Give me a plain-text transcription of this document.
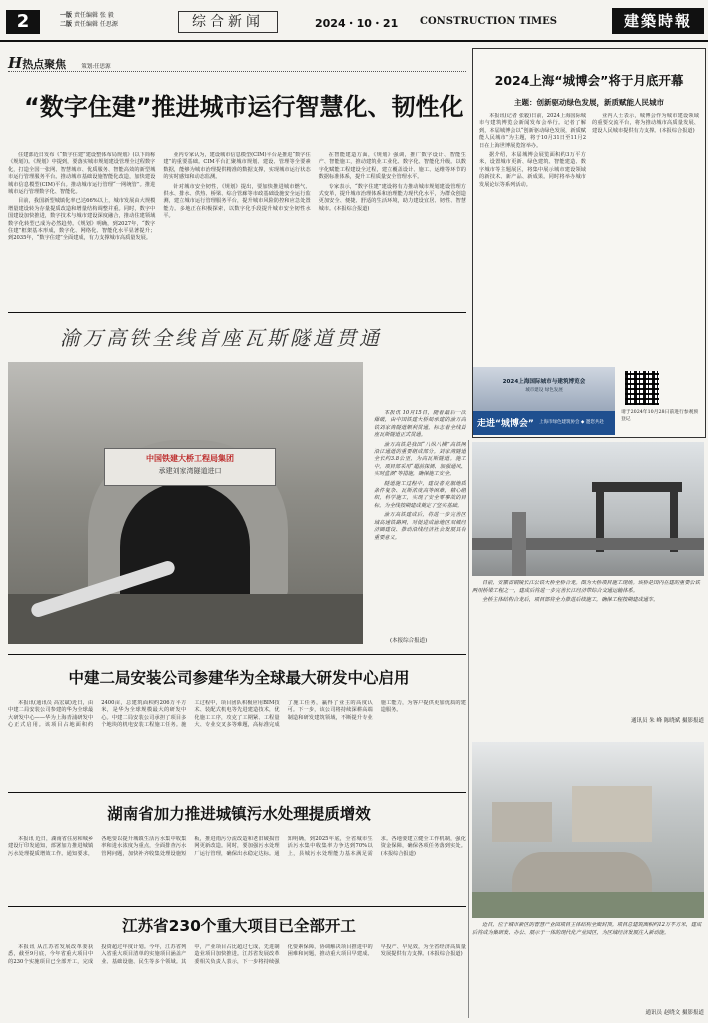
2	一版 责任编辑 张 毅
二版 责任编辑 任思源	综合新闻	2024・10・21 CONSTRUCTION TIMES	建築時報
H热点聚焦	策划:任思源
“数字住建”推进城市运行智慧化、韧性化

住建部近日发布《“数字住建”建设整体布局规划》(以下简称《规划》)。《规划》中提到，要落实城市规划建设管理全过程数字化，打造全国一张网、智慧城市、优质服务、智能高效的新型城市运行管理服务平台。推动城市基础设施智能化改造，加快建设城市信息模型(CIM)平台。推动城市运行管理“一网统管”。推进城市运行管理数字化、智能化。

目前，我国新型城镇化率已达66%以上，城市发展由大规模增量建设转为存量提质改造和增量结构调整并重。同时，数字中国建设加快推进，数字技术与城市建设深度融合，推动住建领域数字化转型已成为必然趋势。《规划》明确，到2027年，“数字住建”框架基本形成，数字化、网络化、智能化水平显著提升；到2035年，“数字住建”全面建成，有力支撑城市高质量发展。

业内专家认为，建设城市信息模型(CIM)平台是推进“数字住建”的重要基础。CIM平台汇聚城市规划、建设、管理等全要素数据，能够为城市治理提供精准的数据支撑，实现城市运行状态的实时感知和动态监测。

针对城市安全韧性，《规划》提出，要加快推进城市燃气、供水、排水、供热、桥梁、综合管廊等市政基础设施安全运行监测，建立城市运行管理服务平台，提升城市风险防控和应急处置能力。多地正在积极探索，以数字化手段提升城市安全韧性水平。

在智能建造方面，《规划》强调，推广数字设计、智能生产、智能施工，推动建筑业工业化、数字化、智能化升级。以数字化赋能工程建设全过程，建立覆盖设计、施工、运维等环节的数据标准体系，提升工程质量安全管理水平。

专家表示，“数字住建”建设将有力推动城市规划建设管理方式变革，提升城市治理体系和治理能力现代化水平，为群众创造更加安全、便捷、舒适的生活环境，助力建设宜居、韧性、智慧城市。(本报综合报道)

2024上海“城博会”将于月底开幕
主题：创新驱动绿色发展，新质赋能人民城市

本报讯(记者 张毅)日前，2024上海国际城市与建筑博览会新闻发布会举行。记者了解到，本届城博会以“创新驱动绿色发展，新质赋能人民城市”为主题，将于10月31日至11月2日在上海世博展览馆举办。

据介绍，本届城博会展览面积约3万平方米，设置城市更新、绿色建筑、智能建造、数字城市等主题展区，将集中展示城市建设领域的新技术、新产品、新成果。同时将举办城市发展论坛等系列活动。

业内人士表示，城博会作为城市建设领域的重要交流平台，将为推动城市高质量发展、建设人民城市提供有力支撑。(本报综合报道)

2024上海国际城市与建筑博览会
城市建设 绿色发展
走进“城博会” 上海市绿色建筑协会 ◆ 邀您共赴
请于2024年10月28日前进行参观预登记
渝万高铁全线首座瓦斯隧道贯通
中国铁建大桥工程局集团
承建刘家湾隧道进口

本报讯 10月15日，随着最后一次爆破，由中国铁建大桥局承建的渝万高铁刘家湾隧道顺利贯通，标志着全线首座瓦斯隧道正式贯通。

渝万高铁是我国“八纵八横”高铁网沿江通道的重要组成部分。刘家湾隧道全长约3.8公里，为高瓦斯隧道。施工中，项目部采用“超前探测、加强通风、实时监测”等措施，确保施工安全。

隧道施工过程中，建设者克服地质条件复杂、瓦斯浓度高等困难，精心组织，科学施工，实现了安全零事故的目标，为全线按期建成奠定了坚实基础。

渝万高铁建成后，将进一步完善区域高速铁路网，对促进成渝地区双城经济圈建设、推动沿线经济社会发展具有重要意义。

(本报综合报道)

日前，安徽省铜陵长江公铁大桥全桥合龙。图为大桥项目施工现场。该桥是国内在建的重要公铁两用桥梁工程之一，建成后将进一步完善长江经济带综合交通运输体系。

全桥主体结构合龙后，项目部将全力推进后续施工，确保工程按期建成通车。

通讯员 朱 峰 陈晓斌 摄影报道
近日，位于城市新区的智慧产业园项目主体结构全面封顶。项目总建筑面积约12万平方米，建成后将成为集研发、办公、展示于一体的现代化产业园区，为区域经济发展注入新动能。
通讯员 赵晓文 摄影报道
中建二局安装公司参建华为全球最大研发中心启用
本报讯(通讯员 高宏斌)近日，由中建二局安装公司参建的华为全球最大研发中心——华为上海青浦研发中心正式启用。该项目占地面积约2400亩，总建筑面积约206万平方米，是华为全球规模最大的研发中心。中建二局安装公司承担了项目多个地块的机电安装工程施工任务。施工过程中，项目团队积极应用BIM技术、装配式机电等先进建造技术，优化施工工序，攻克了工期紧、工程量大、专业交叉多等难题，高标准完成了施工任务，赢得了业主的高度认可。下一步，该公司将持续深耕高端制造和研发建筑领域，不断提升专业施工能力，为客户提供更加优质的建造服务。
湖南省加力推进城镇污水处理提质增效
本报讯 近日，湖南省住房和城乡建设厅印发通知，部署加力推进城镇污水处理提质增效工作。通知要求，各地要以提升城镇生活污水集中收集率和进水浓度为重点，全面排查污水管网问题，加快补齐收集处理设施短板，推进雨污分流改造和老旧破损管网更新改造。同时，要加强污水处理厂运行管理，确保出水稳定达标。通知明确，到2025年底，全省城市生活污水集中收集率力争达到70%以上，县城污水处理能力基本满足需求。各地要建立健全工作机制，强化资金保障，确保各项任务落到实处。(本报综合报道)
江苏省230个重大项目已全部开工
本报讯 从江苏省发展改革委获悉，截至9月底，今年省重大项目中的230个实施项目已全部开工，完成投资超过年度计划。今年，江苏省列入省重大项目清单的实施项目涵盖产业、基础设施、民生等多个领域。其中，产业项目占比超过七成，先进制造业项目加快推进。江苏省发展改革委相关负责人表示，下一步将持续强化要素保障，协调解决项目推进中的困难和问题，推动重大项目早建成、早投产、早见效，为全省经济高质量发展提供有力支撑。(本报综合报道)
